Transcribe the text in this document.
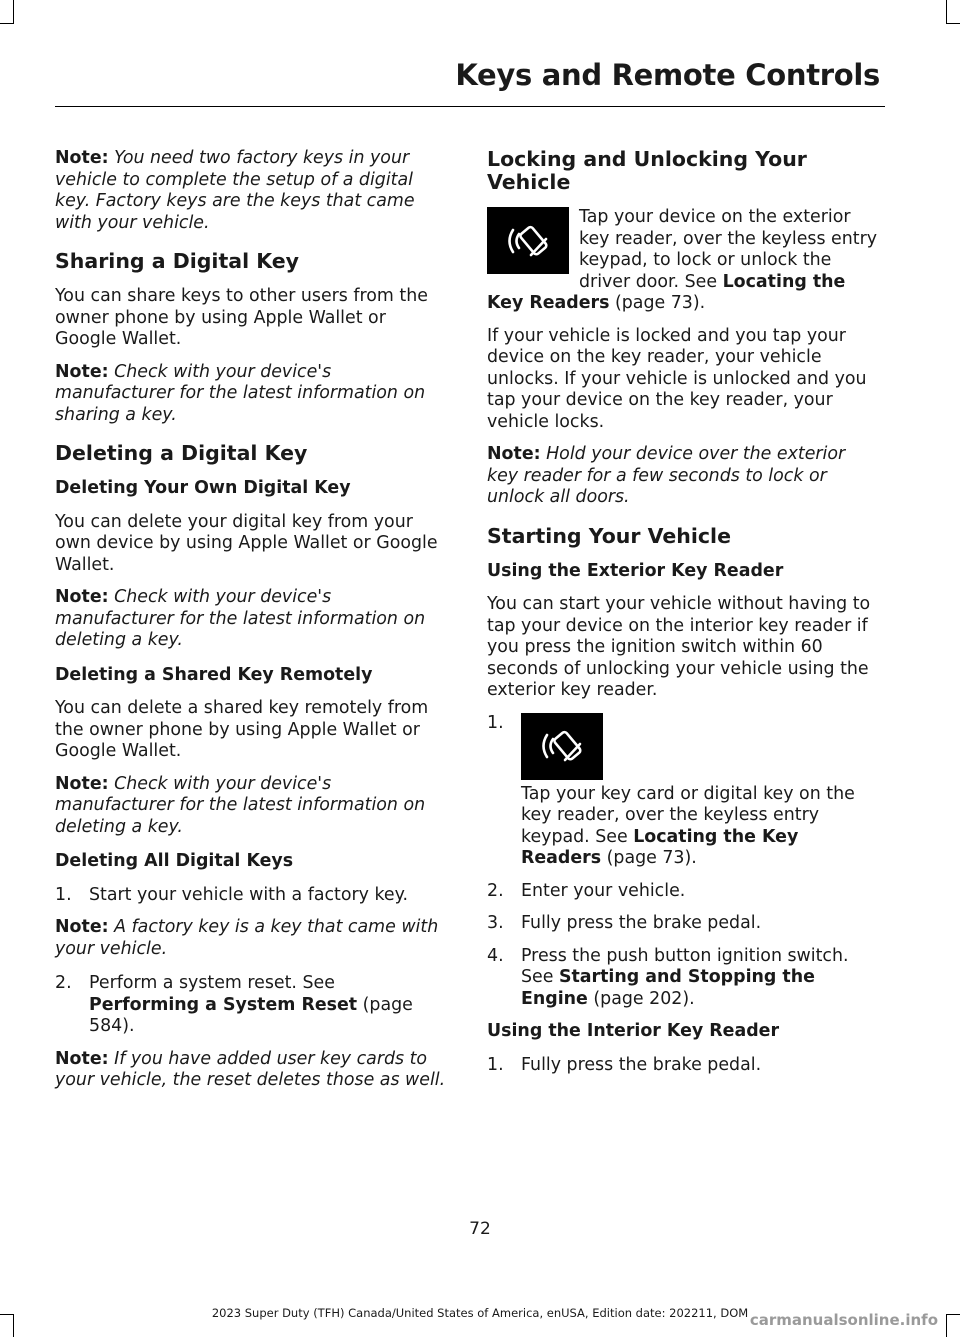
Keys and Remote Controls

Note: You need two factory keys in your vehicle to complete the setup of a digital key. Factory keys are the keys that came with your vehicle.

Sharing a Digital Key

You can share keys to other users from the owner phone by using Apple Wallet or Google Wallet.

Note: Check with your device's manufacturer for the latest information on sharing a key.

Deleting a Digital Key
Deleting Your Own Digital Key

You can delete your digital key from your own device by using Apple Wallet or Google Wallet.

Note: Check with your device's manufacturer for the latest information on deleting a key.

Deleting a Shared Key Remotely

You can delete a shared key remotely from the owner phone by using Apple Wallet or Google Wallet.

Note: Check with your device's manufacturer for the latest information on deleting a key.

Deleting All Digital Keys
1.	Start your vehicle with a factory key.

Note: A factory key is a key that came with your vehicle.

2.	Perform a system reset. See Performing a System Reset (page 584).

Note: If you have added user key cards to your vehicle, the reset deletes those as well.

Locking and Unlocking Your Vehicle

Tap your device on the exterior key reader, over the keyless entry keypad, to lock or unlock the driver door. See Locating the Key Readers (page 73).

If your vehicle is locked and you tap your device on the key reader, your vehicle unlocks. If your vehicle is unlocked and you tap your device on the key reader, your vehicle locks.

Note: Hold your device over the exterior key reader for a few seconds to lock or unlock all doors.

Starting Your Vehicle
Using the Exterior Key Reader

You can start your vehicle without having to tap your device on the interior key reader if you press the ignition switch within 60 seconds of unlocking your vehicle using the exterior key reader.

1.
Tap your key card or digital key on the key reader, over the keyless entry keypad. See Locating the Key Readers (page 73).
2.	Enter your vehicle.
3.	Fully press the brake pedal.
4.	Press the push button ignition switch. See Starting and Stopping the Engine (page 202).
Using the Interior Key Reader
1.	Fully press the brake pedal.
72
2023 Super Duty (TFH) Canada/United States of America, enUSA, Edition date: 202211, DOM carmanualsonline.info
